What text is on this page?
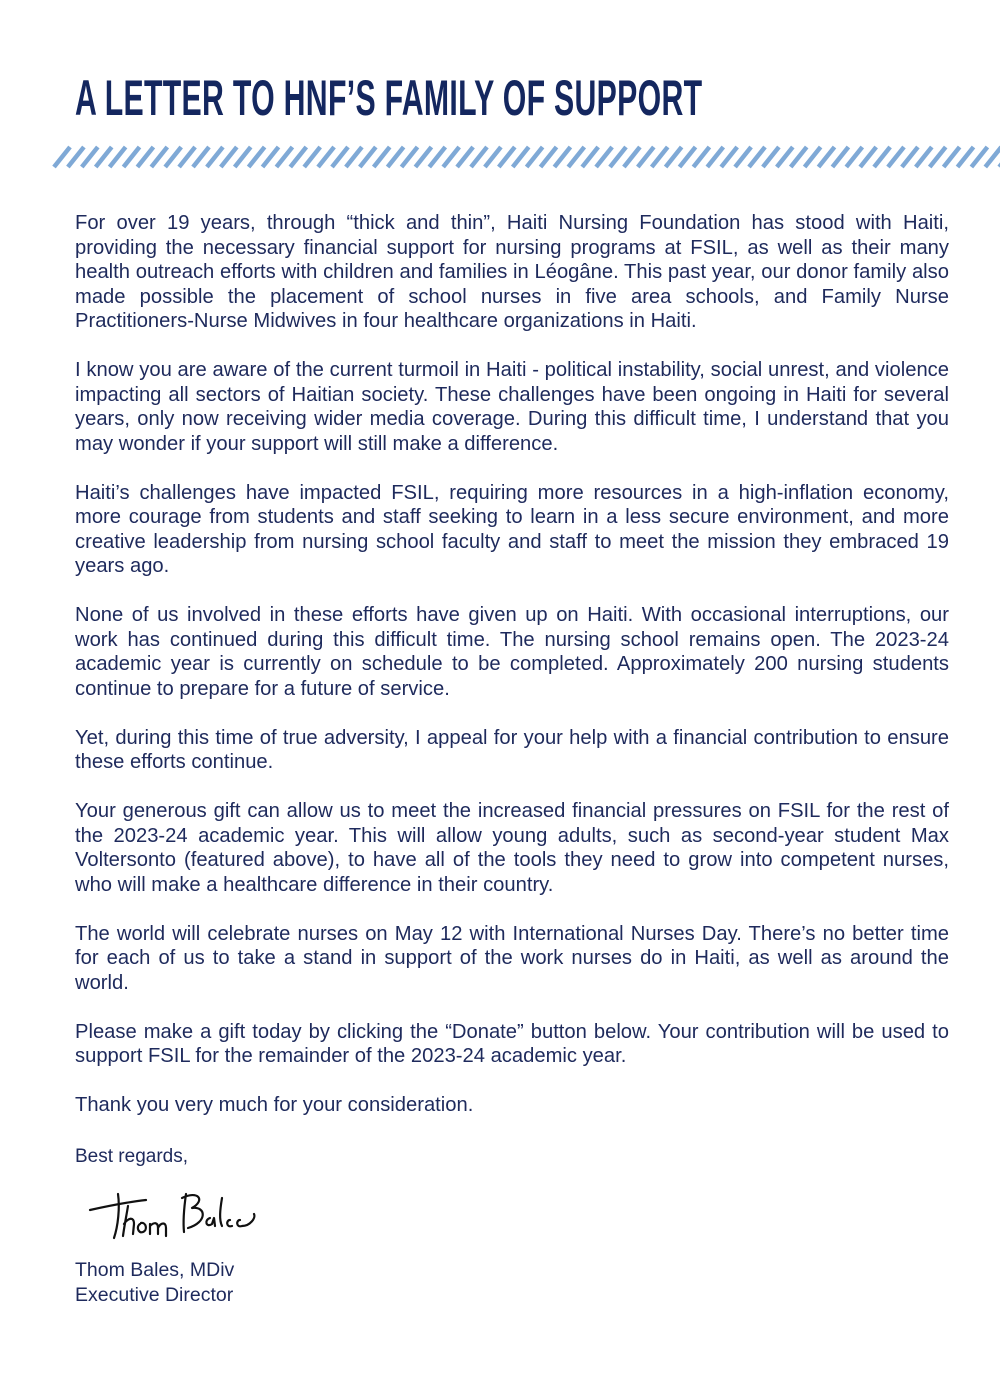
A LETTER TO HNF’S FAMILY OF SUPPORT

For over 19 years, through “thick and thin”, Haiti Nursing Foundation has stood with Haiti, providing the necessary financial support for nursing programs at FSIL, as well as their many health outreach efforts with children and families in Léogâne. This past year, our donor family also made possible the placement of school nurses in five area schools, and Family Nurse Practitioners-Nurse Midwives in four healthcare organizations in Haiti.

I know you are aware of the current turmoil in Haiti - political instability, social unrest, and violence impacting all sectors of Haitian society. These challenges have been ongoing in Haiti for several years, only now receiving wider media coverage. During this difficult time, I understand that you may wonder if your support will still make a difference.

Haiti’s challenges have impacted FSIL, requiring more resources in a high-inflation economy, more courage from students and staff seeking to learn in a less secure environment, and more creative leadership from nursing school faculty and staff to meet the mission they embraced 19 years ago.

None of us involved in these efforts have given up on Haiti. With occasional interruptions, our work has continued during this difficult time. The nursing school remains open. The 2023-24 academic year is currently on schedule to be completed. Approximately 200 nursing students continue to prepare for a future of service.

Yet, during this time of true adversity, I appeal for your help with a financial contribution to ensure these efforts continue.

Your generous gift can allow us to meet the increased financial pressures on FSIL for the rest of the 2023-24 academic year. This will allow young adults, such as second-year student Max Voltersonto (featured above), to have all of the tools they need to grow into competent nurses, who will make a healthcare difference in their country.

The world will celebrate nurses on May 12 with International Nurses Day. There’s no better time for each of us to take a stand in support of the work nurses do in Haiti, as well as around the world.

Please make a gift today by clicking the “Donate” button below. Your contribution will be used to support FSIL for the remainder of the 2023-24 academic year.

Thank you very much for your consideration.

Best regards,
Thom Bales, MDiv
Executive Director
